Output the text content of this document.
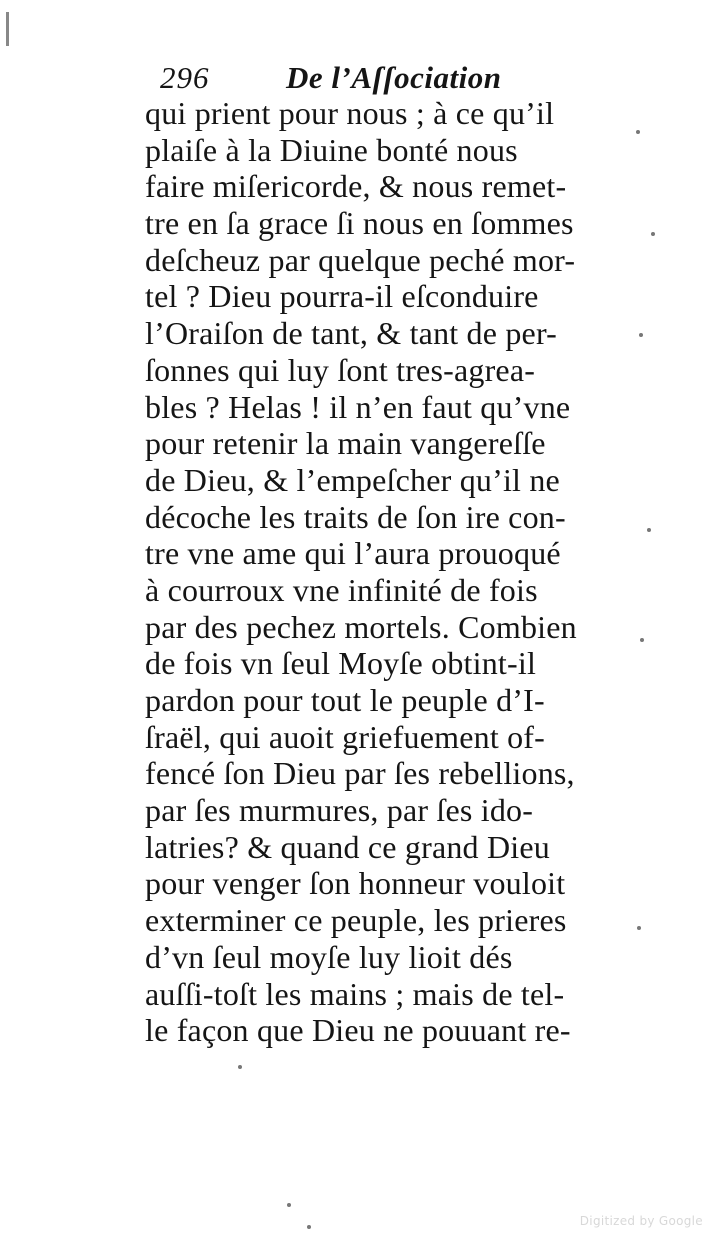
296 De l’Aſſociation
qui prient pour nous ; à ce qu’il
plaiſe à la Diuine bonté nous
faire miſericorde, & nous remet-
tre en ſa grace ſi nous en ſommes
deſcheuz par quelque peché mor-
tel ? Dieu pourra-il eſconduire
l’Oraiſon de tant, & tant de per-
ſonnes qui luy ſont tres-agrea-
bles ? Helas ! il n’en faut qu’vne
pour retenir la main vangereſſe
de Dieu, & l’empeſcher qu’il ne
décoche les traits de ſon ire con-
tre vne ame qui l’aura prouoqué
à courroux vne infinité de fois
par des pechez mortels. Combien
de fois vn ſeul Moyſe obtint-il
pardon pour tout le peuple d’I-
ſraël, qui auoit griefuement of-
fencé ſon Dieu par ſes rebellions,
par ſes murmures, par ſes ido-
latries? & quand ce grand Dieu
pour venger ſon honneur vouloit
exterminer ce peuple, les prieres
d’vn ſeul moyſe luy lioit dés
auſſi-toſt les mains ; mais de tel-
le façon que Dieu ne pouuant re-
Digitized by Google
